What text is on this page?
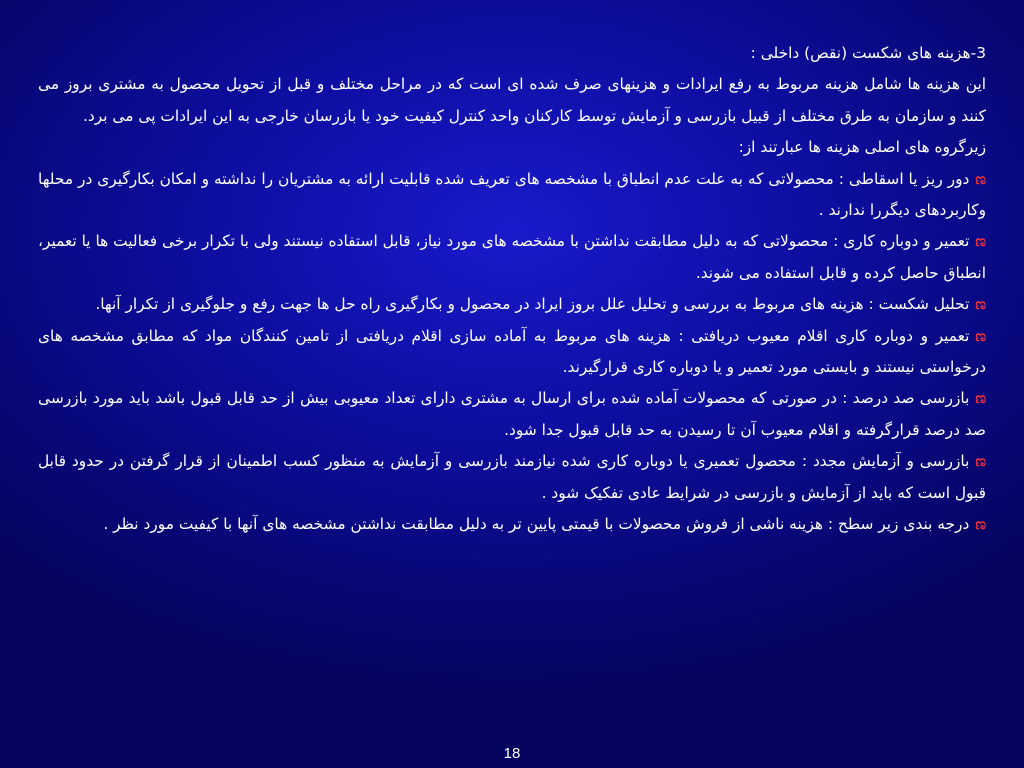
3-هزینه های شکست (نقص) داخلی :

این هزینه ها شامل هزینه مربوط به رفع ایرادات و هزینهای صرف شده ای است که در مراحل مختلف و قبل از تحویل محصول به مشتری بروز می کنند و سازمان به طرق مختلف از قبیل بازرسی و آزمایش توسط کارکنان واحد کنترل کیفیت خود یا بازرسان خارجی به این ایرادات پی می برد.

زیرگروه های اصلی هزینه ها عبارتند از:

ಣدور ریز یا اسقاطی : محصولاتی که به علت عدم انطباق با مشخصه های تعریف شده قابلیت ارائه به مشتریان را نداشته و امکان بکارگیری در محلها وکاربردهای دیگررا ندارند .

ಣتعمیر و دوباره کاری : محصولاتی که به دلیل مطابقت نداشتن با مشخصه های مورد نیاز، قابل استفاده نیستند ولی با تکرار برخی فعالیت ها یا تعمیر، انطباق حاصل کرده و قابل استفاده می شوند.

ಣتحلیل شکست : هزینه های مربوط به بررسی و تحلیل علل بروز ایراد در محصول و بکارگیری راه حل ها جهت رفع و جلوگیری از تکرار آنها.

ಣتعمیر و دوباره کاری اقلام معیوب دریافتی : هزینه های مربوط به آماده سازی اقلام دریافتی از تامین کنندگان مواد که مطابق مشخصه های درخواستی نیستند و بایستی مورد تعمیر و یا دوباره کاری قرارگیرند.

ಣبازرسی صد درصد : در صورتی که محصولات آماده شده برای ارسال به مشتری دارای تعداد معیوبی بیش از حد قابل قبول باشد باید مورد بازرسی صد درصد قرارگرفته و اقلام معیوب آن تا رسیدن به حد قابل قبول جدا شود.

ಣبازرسی و آزمایش مجدد : محصول تعمیری یا دوباره کاری شده نیازمند بازرسی و آزمایش به منظور کسب اطمینان از قرار گرفتن در حدود قابل قبول است که باید از آزمایش و بازرسی در شرایط عادی تفکیک شود .

ಣدرجه بندی زیر سطح : هزینه ناشی از فروش محصولات با قیمتی پایین تر به دلیل مطابقت نداشتن مشخصه های آنها با کیفیت مورد نظر .

18
